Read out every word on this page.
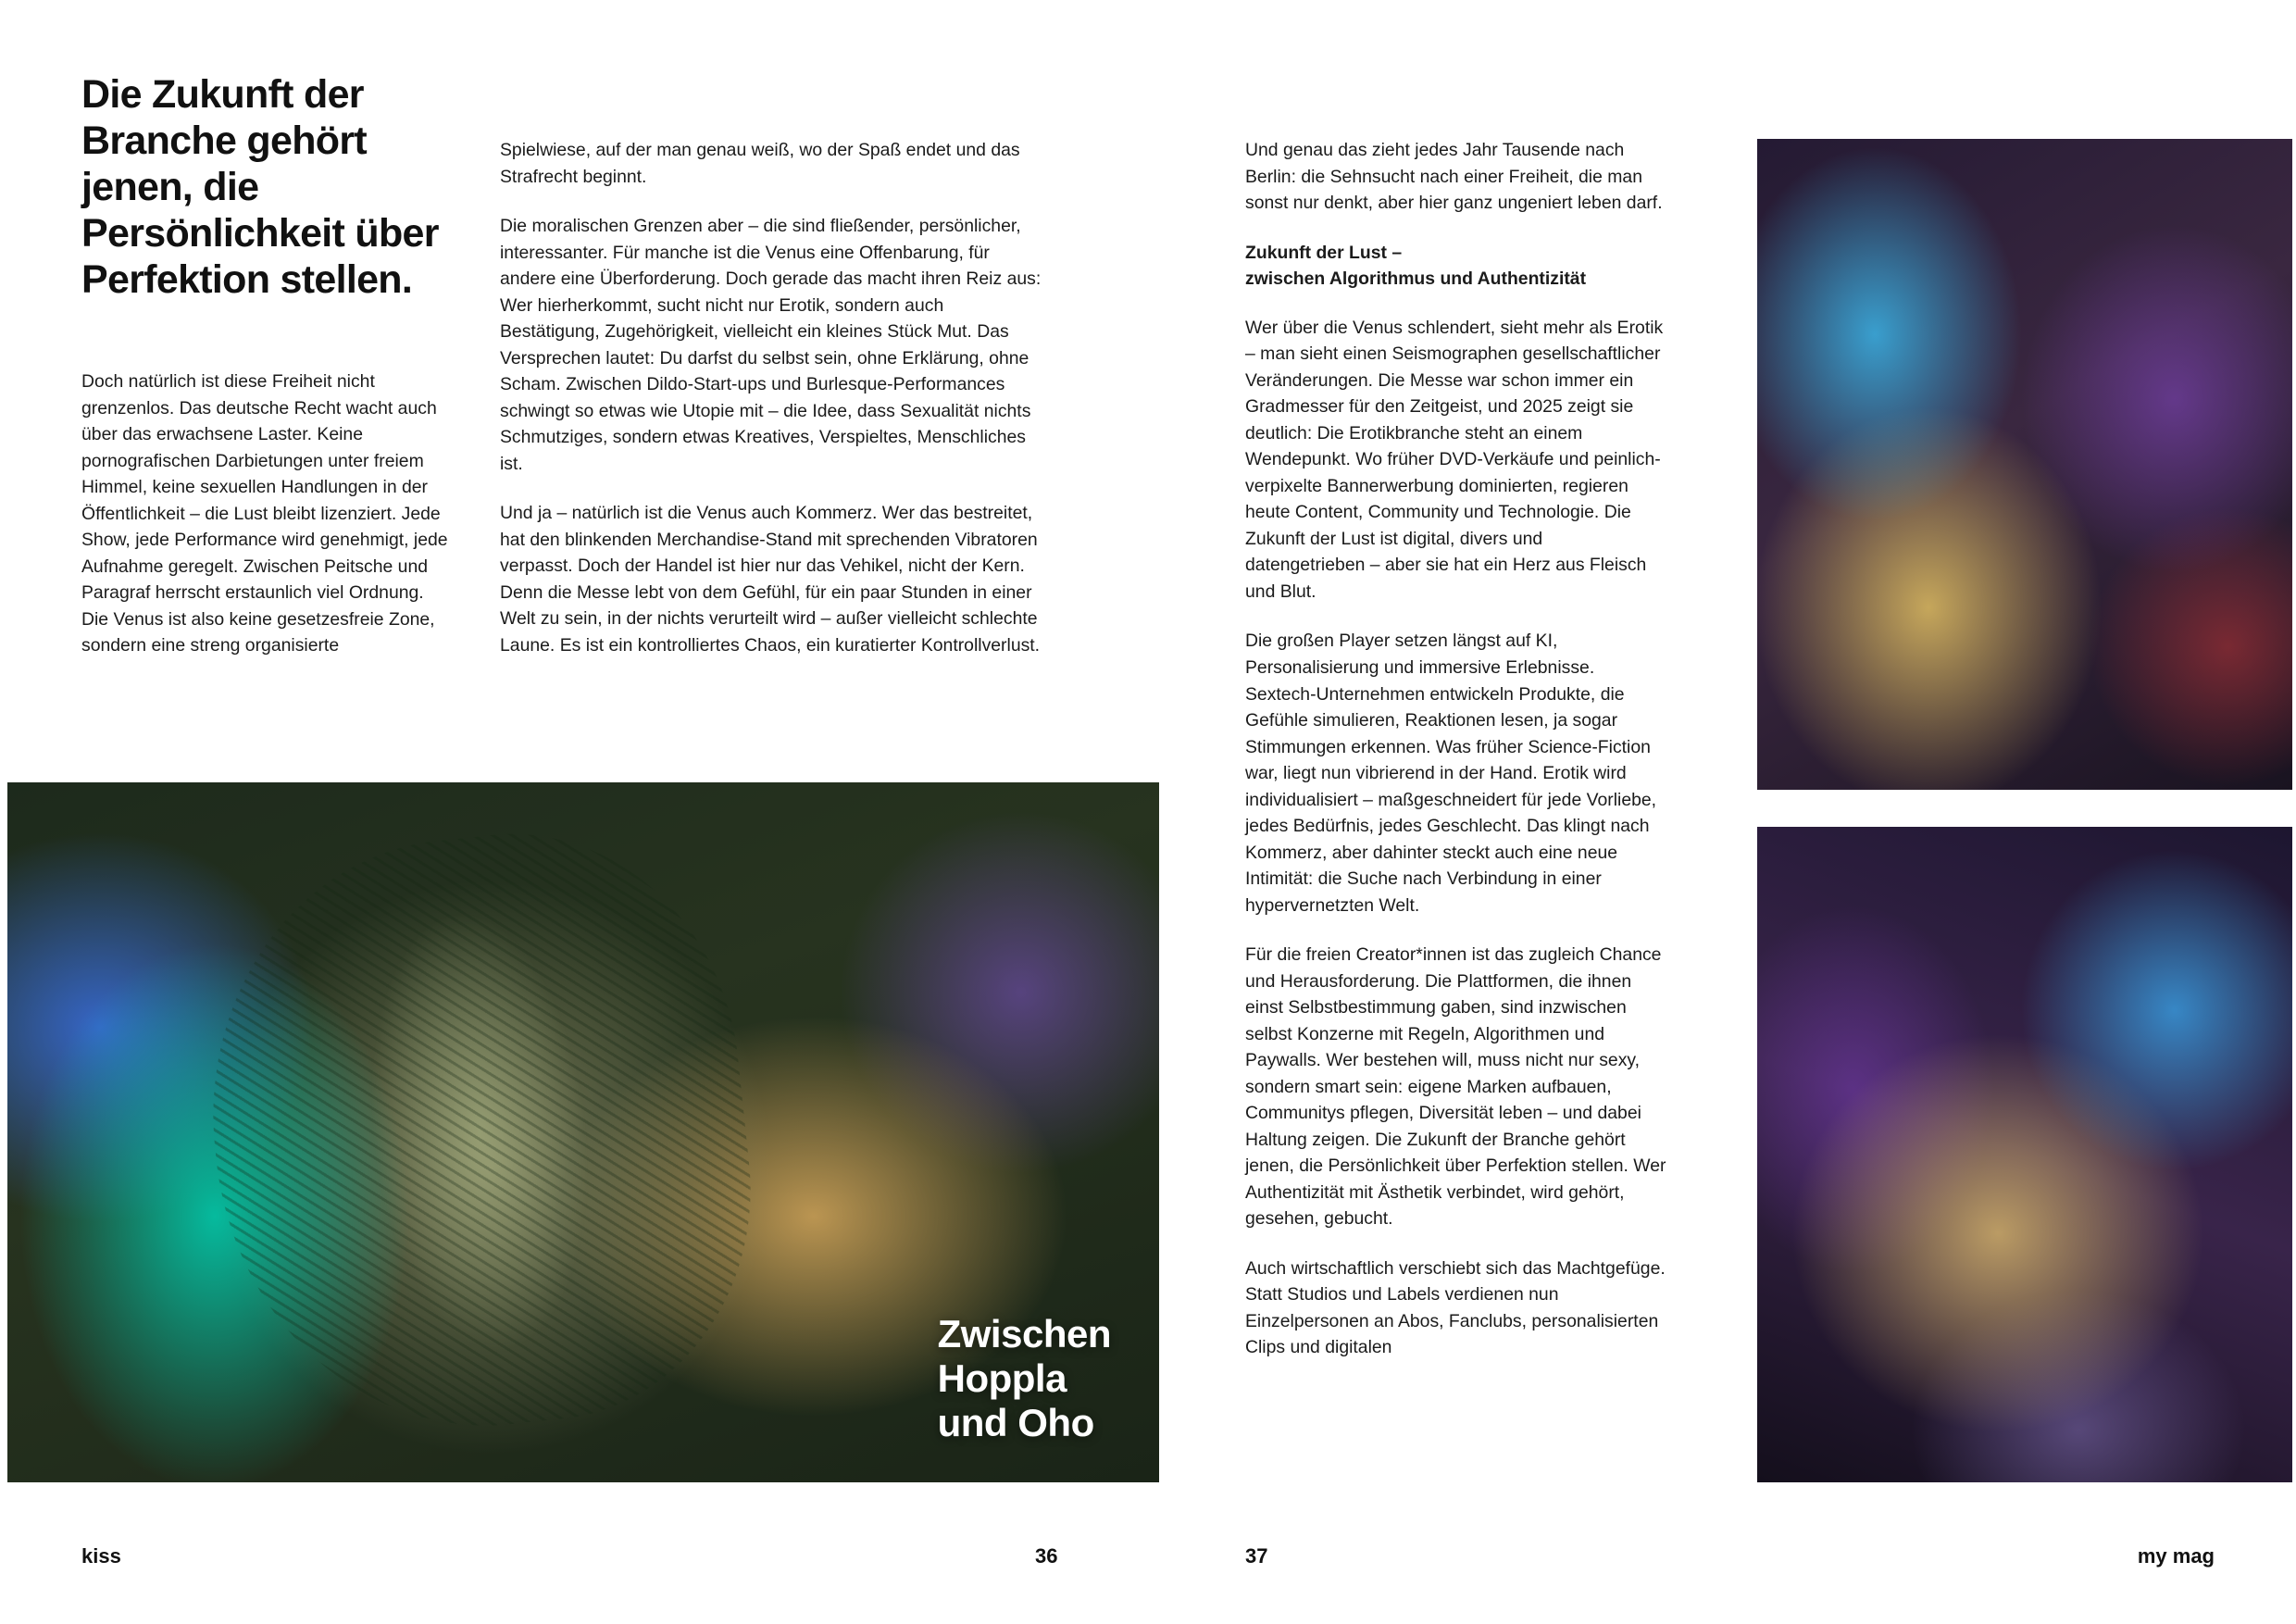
Die Zukunft der Branche gehört jenen, die Persönlichkeit über Perfektion stellen.

Doch natürlich ist diese Freiheit nicht grenzenlos. Das deutsche Recht wacht auch über das erwachsene Laster. Keine pornografischen Darbietungen unter freiem Himmel, keine sexuellen Handlungen in der Öffentlichkeit – die Lust bleibt lizenziert. Jede Show, jede Performance wird genehmigt, jede Aufnahme geregelt. Zwischen Peitsche und Paragraf herrscht erstaunlich viel Ordnung. Die Venus ist also keine gesetzesfreie Zone, sondern eine streng organisierte

Spielwiese, auf der man genau weiß, wo der Spaß endet und das Strafrecht beginnt.

Die moralischen Grenzen aber – die sind fließender, persönlicher, interessanter. Für manche ist die Venus eine Offenbarung, für andere eine Überforderung. Doch gerade das macht ihren Reiz aus: Wer hierherkommt, sucht nicht nur Erotik, sondern auch Bestätigung, Zugehörigkeit, vielleicht ein kleines Stück Mut. Das Versprechen lautet: Du darfst du selbst sein, ohne Erklärung, ohne Scham. Zwischen Dildo-Start-ups und Burlesque-Performances schwingt so etwas wie Utopie mit – die Idee, dass Sexualität nichts Schmutziges, sondern etwas Kreatives, Verspieltes, Menschliches ist.

Und ja – natürlich ist die Venus auch Kommerz. Wer das bestreitet, hat den blinkenden Merchandise-Stand mit sprechenden Vibratoren verpasst. Doch der Handel ist hier nur das Vehikel, nicht der Kern. Denn die Messe lebt von dem Gefühl, für ein paar Stunden in einer Welt zu sein, in der nichts verurteilt wird – außer vielleicht schlechte Laune. Es ist ein kontrolliertes Chaos, ein kuratierter Kontrollverlust.

Und genau das zieht jedes Jahr Tausende nach Berlin: die Sehnsucht nach einer Freiheit, die man sonst nur denkt, aber hier ganz ungeniert leben darf.

Zukunft der Lust –
zwischen Algorithmus und Authentizität

Wer über die Venus schlendert, sieht mehr als Erotik – man sieht einen Seismographen gesellschaftlicher Veränderungen. Die Messe war schon immer ein Gradmesser für den Zeitgeist, und 2025 zeigt sie deutlich: Die Erotikbranche steht an einem Wendepunkt. Wo früher DVD-Verkäufe und peinlich-verpixelte Bannerwerbung dominierten, regieren heute Content, Community und Technologie. Die Zukunft der Lust ist digital, divers und datengetrieben – aber sie hat ein Herz aus Fleisch und Blut.

Die großen Player setzen längst auf KI, Personalisierung und immersive Erlebnisse. Sextech-Unternehmen entwickeln Produkte, die Gefühle simulieren, Reaktionen lesen, ja sogar Stimmungen erkennen. Was früher Science-Fiction war, liegt nun vibrierend in der Hand. Erotik wird individualisiert – maßgeschneidert für jede Vorliebe, jedes Bedürfnis, jedes Geschlecht. Das klingt nach Kommerz, aber dahinter steckt auch eine neue Intimität: die Suche nach Verbindung in einer hypervernetzten Welt.

Für die freien Creator*innen ist das zugleich Chance und Herausforderung. Die Plattformen, die ihnen einst Selbstbestimmung gaben, sind inzwischen selbst Konzerne mit Regeln, Algorithmen und Paywalls. Wer bestehen will, muss nicht nur sexy, sondern smart sein: eigene Marken aufbauen, Communitys pflegen, Diversität leben – und dabei Haltung zeigen. Die Zukunft der Branche gehört jenen, die Persönlichkeit über Perfektion stellen. Wer Authentizität mit Ästhetik verbindet, wird gehört, gesehen, gebucht.

Auch wirtschaftlich verschiebt sich das Machtgefüge. Statt Studios und Labels verdienen nun Einzelpersonen an Abos, Fanclubs, personalisierten Clips und digitalen

Zwischen
Hoppla
und Oho
kiss	36	37	my mag
